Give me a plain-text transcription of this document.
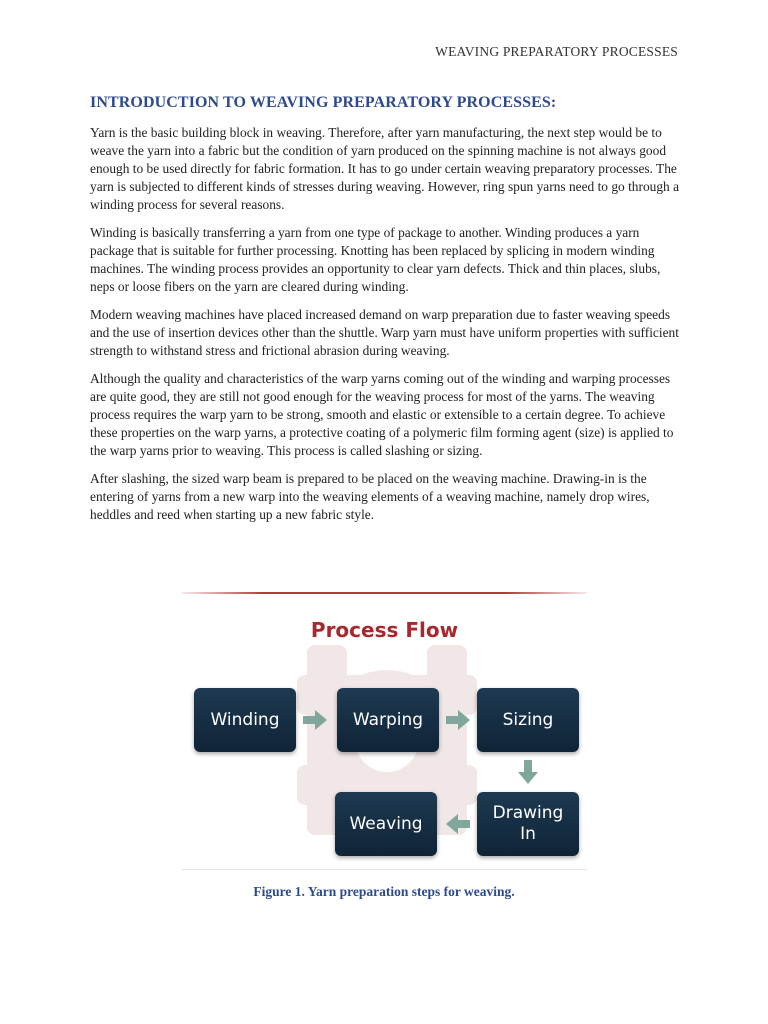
WEAVING PREPARATORY PROCESSES
INTRODUCTION TO WEAVING PREPARATORY PROCESSES:

Yarn is the basic building block in weaving. Therefore, after yarn manufacturing, the next step would be to weave the yarn into a fabric but the condition of yarn produced on the spinning machine is not always good enough to be used directly for fabric formation. It has to go under certain weaving preparatory processes. The yarn is subjected to different kinds of stresses during weaving. However, ring spun yarns need to go through a winding process for several reasons.

Winding is basically transferring a yarn from one type of package to another. Winding produces a yarn package that is suitable for further processing. Knotting has been replaced by splicing in modern winding machines. The winding process provides an opportunity to clear yarn defects. Thick and thin places, slubs, neps or loose fibers on the yarn are cleared during winding.

Modern weaving machines have placed increased demand on warp preparation due to faster weaving speeds and the use of insertion devices other than the shuttle. Warp yarn must have uniform properties with sufficient strength to withstand stress and frictional abrasion during weaving.

Although the quality and characteristics of the warp yarns coming out of the winding and warping processes are quite good, they are still not good enough for the weaving process for most of the yarns. The weaving process requires the warp yarn to be strong, smooth and elastic or extensible to a certain degree. To achieve these properties on the warp yarns, a protective coating of a polymeric film forming agent (size) is applied to the warp yarns prior to weaving. This process is called slashing or sizing.

After slashing, the sized warp beam is prepared to be placed on the weaving machine. Drawing-in is the entering of yarns from a new warp into the weaving elements of a weaving machine, namely drop wires, heddles and reed when starting up a new fabric style.

Process Flow
Winding	Warping	Sizing
Drawing
In
Weaving
Figure 1. Yarn preparation steps for weaving.
